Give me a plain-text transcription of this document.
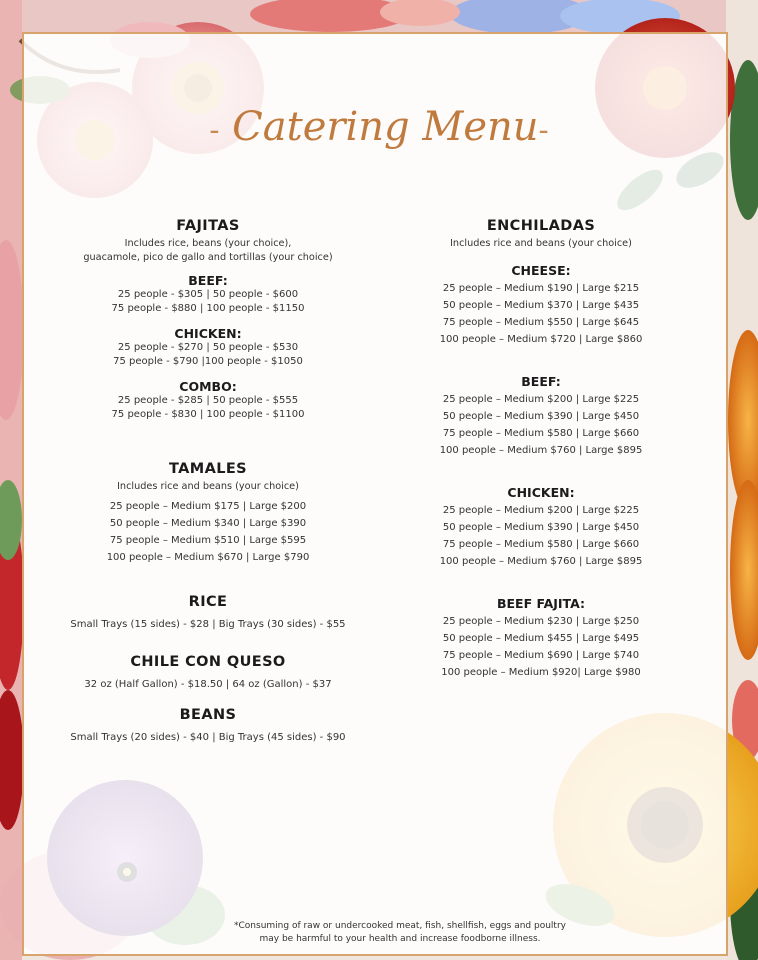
- Catering Menu-
FAJITAS

Includes rice, beans (your choice),

guacamole, pico de gallo and tortillas (your choice)

BEEF:
25 people - $305 | 50 people - $600
75 people - $880 | 100 people - $1150
CHICKEN:
25 people - $270 | 50 people - $530
75 people - $790 |100 people - $1050
COMBO:
25 people - $285 | 50 people - $555
75 people - $830 | 100 people - $1100
TAMALES

Includes rice and beans (your choice)

25 people – Medium $175 | Large $200
50 people – Medium $340 | Large $390
75 people – Medium $510 | Large $595
100 people – Medium $670 | Large $790
RICE
Small Trays (15 sides) - $28 | Big Trays (30 sides) - $55
CHILE CON QUESO
32 oz (Half Gallon) - $18.50 | 64 oz (Gallon) - $37
BEANS
Small Trays (20 sides) - $40 | Big Trays (45 sides) - $90
ENCHILADAS

Includes rice and beans (your choice)

CHEESE:
25 people – Medium $190 | Large $215
50 people – Medium $370 | Large $435
75 people – Medium $550 | Large $645
100 people – Medium $720 | Large $860
BEEF:
25 people – Medium $200 | Large $225
50 people – Medium $390 | Large $450
75 people – Medium $580 | Large $660
100 people – Medium $760 | Large $895
CHICKEN:
25 people – Medium $200 | Large $225
50 people – Medium $390 | Large $450
75 people – Medium $580 | Large $660
100 people – Medium $760 | Large $895
BEEF FAJITA:
25 people – Medium $230 | Large $250
50 people – Medium $455 | Large $495
75 people – Medium $690 | Large $740
100 people – Medium $920| Large $980
*Consuming of raw or undercooked meat, fish, shellfish, eggs and poultry
may be harmful to your health and increase foodborne illness.
